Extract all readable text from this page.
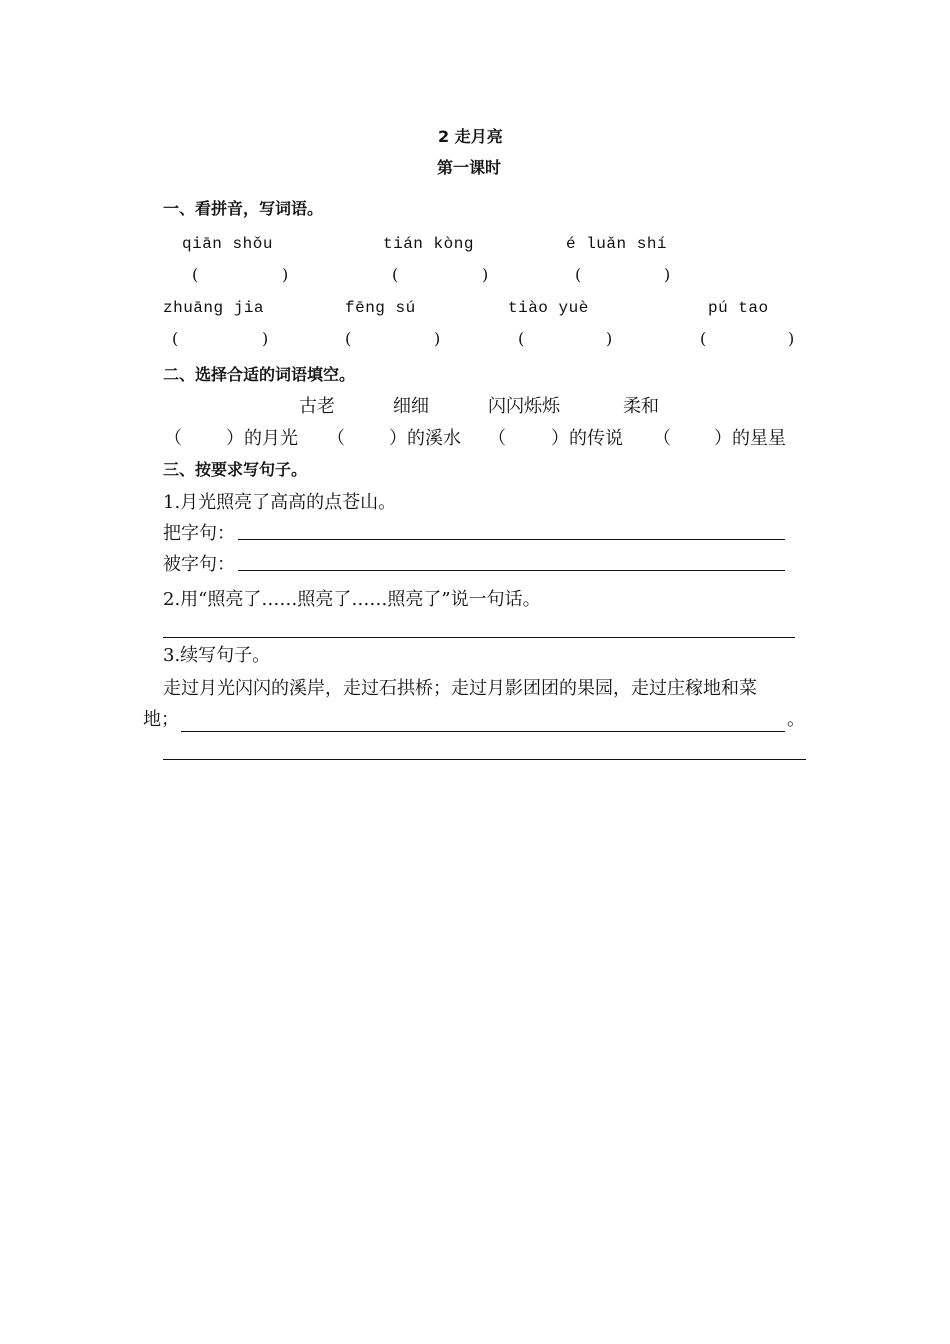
2 走月亮
第一课时
一、看拼音，写词语。
qiān shǒu	tián kòng	é luǎn shí
(	)	(	)	(	)
zhuāng jia	fēng sú	tiào yuè	pú tao
(	)	(	)	(	)	(	)
二、选择合适的词语填空。
古老	细细	闪闪烁烁	柔和
（ ）的月光 （ ）的溪水 （	）的传说 （ ）的星星
三、按要求写句子。
1.月光照亮了高高的点苍山。
把字句：
被字句：
2.用“照亮了……照亮了……照亮了”说一句话。
3.续写句子。
走过月光闪闪的溪岸，走过石拱桥；走过月影团团的果园，走过庄稼地和菜
地；	。
